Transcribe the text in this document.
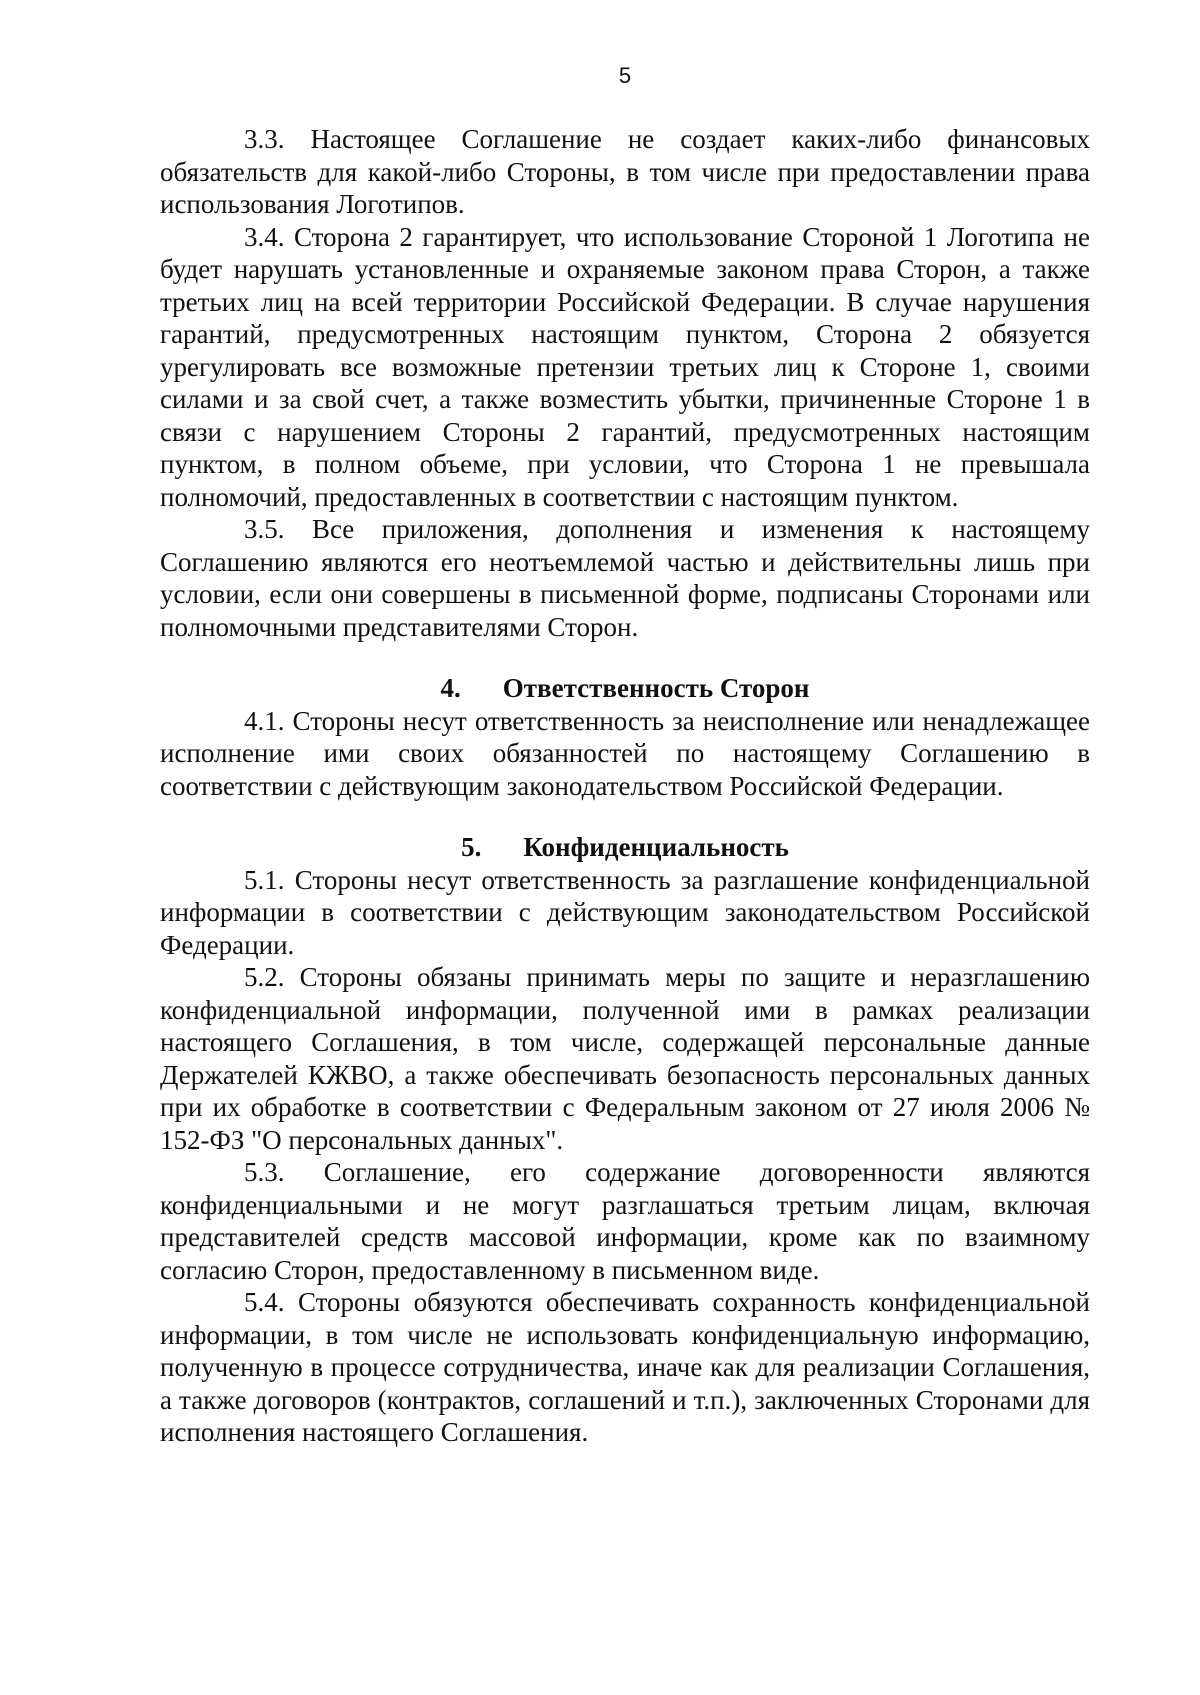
5

3.3. Настоящее Соглашение не создает каких-либо финансовых обязательств для какой-либо Стороны, в том числе при предоставлении права использования Логотипов.

3.4. Сторона 2 гарантирует, что использование Стороной 1 Логотипа не будет нарушать установленные и охраняемые законом права Сторон, а также третьих лиц на всей территории Российской Федерации. В случае нарушения гарантий, предусмотренных настоящим пунктом, Сторона 2 обязуется урегулировать все возможные претензии третьих лиц к Стороне 1, своими силами и за свой счет, а также возместить убытки, причиненные Стороне 1 в связи с нарушением Стороны 2 гарантий, предусмотренных настоящим пунктом, в полном объеме, при условии, что Сторона 1 не превышала полномочий, предоставленных в соответствии с настоящим пунктом.

3.5. Все приложения, дополнения и изменения к настоящему Соглашению являются его неотъемлемой частью и действительны лишь при условии, если они совершены в письменной форме, подписаны Сторонами или полномочными представителями Сторон.

4. Ответственность Сторон

4.1. Стороны несут ответственность за неисполнение или ненадлежащее исполнение ими своих обязанностей по настоящему Соглашению в соответствии с действующим законодательством Российской Федерации.

5. Конфиденциальность

5.1. Стороны несут ответственность за разглашение конфиденциальной информации в соответствии с действующим законодательством Российской Федерации.

5.2. Стороны обязаны принимать меры по защите и неразглашению конфиденциальной информации, полученной ими в рамках реализации настоящего Соглашения, в том числе, содержащей персональные данные Держателей КЖВО, а также обеспечивать безопасность персональных данных при их обработке в соответствии с Федеральным законом от 27 июля 2006 № 152-ФЗ "О персональных данных".

5.3. Соглашение, его содержание договоренности являются конфиденциальными и не могут разглашаться третьим лицам, включая представителей средств массовой информации, кроме как по взаимному согласию Сторон, предоставленному в письменном виде.

5.4. Стороны обязуются обеспечивать сохранность конфиденциальной информации, в том числе не использовать конфиденциальную информацию, полученную в процессе сотрудничества, иначе как для реализации Соглашения, а также договоров (контрактов, соглашений и т.п.), заключенных Сторонами для исполнения настоящего Соглашения.
